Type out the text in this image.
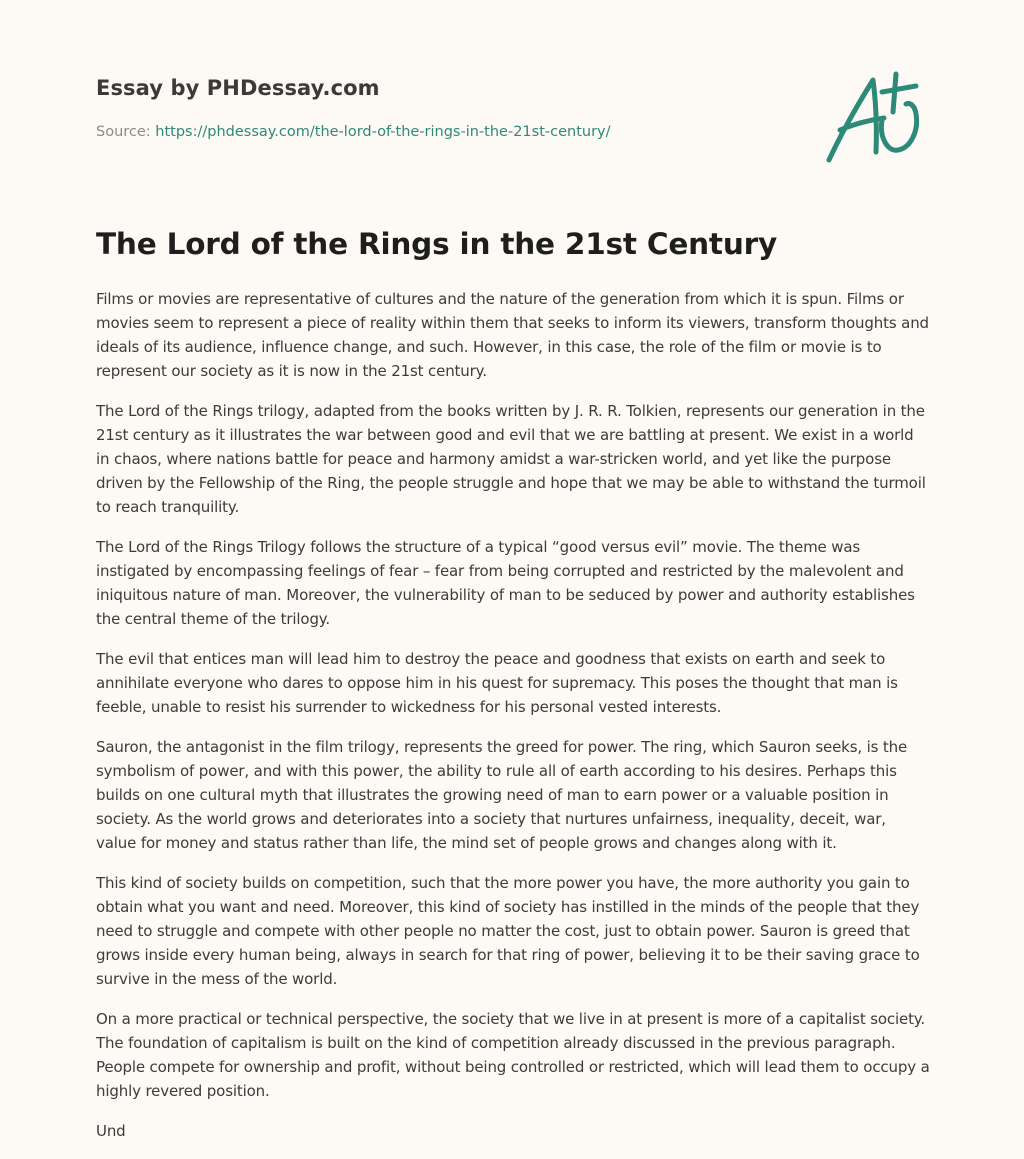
Essay by PHDessay.com
Source: https://phdessay.com/the-lord-of-the-rings-in-the-21st-century/
The Lord of the Rings in the 21st Century

Films or movies are representative of cultures and the nature of the generation from which it is spun. Films or movies seem to represent a piece of reality within them that seeks to inform its viewers, transform thoughts and ideals of its audience, influence change, and such. However, in this case, the role of the film or movie is to represent our society as it is now in the 21st century.

The Lord of the Rings trilogy, adapted from the books written by J. R. R. Tolkien, represents our generation in the 21st century as it illustrates the war between good and evil that we are battling at present. We exist in a world in chaos, where nations battle for peace and harmony amidst a war-stricken world, and yet like the purpose driven by the Fellowship of the Ring, the people struggle and hope that we may be able to withstand the turmoil to reach tranquility.

The Lord of the Rings Trilogy follows the structure of a typical “good versus evil” movie. The theme was instigated by encompassing feelings of fear – fear from being corrupted and restricted by the malevolent and iniquitous nature of man. Moreover, the vulnerability of man to be seduced by power and authority establishes the central theme of the trilogy.

The evil that entices man will lead him to destroy the peace and goodness that exists on earth and seek to annihilate everyone who dares to oppose him in his quest for supremacy. This poses the thought that man is feeble, unable to resist his surrender to wickedness for his personal vested interests.

Sauron, the antagonist in the film trilogy, represents the greed for power. The ring, which Sauron seeks, is the symbolism of power, and with this power, the ability to rule all of earth according to his desires. Perhaps this builds on one cultural myth that illustrates the growing need of man to earn power or a valuable position in society. As the world grows and deteriorates into a society that nurtures unfairness, inequality, deceit, war, value for money and status rather than life, the mind set of people grows and changes along with it.

This kind of society builds on competition, such that the more power you have, the more authority you gain to obtain what you want and need. Moreover, this kind of society has instilled in the minds of the people that they need to struggle and compete with other people no matter the cost, just to obtain power. Sauron is greed that grows inside every human being, always in search for that ring of power, believing it to be their saving grace to survive in the mess of the world.

On a more practical or technical perspective, the society that we live in at present is more of a capitalist society. The foundation of capitalism is built on the kind of competition already discussed in the previous paragraph. People compete for ownership and profit, without being controlled or restricted, which will lead them to occupy a highly revered position.

Und
